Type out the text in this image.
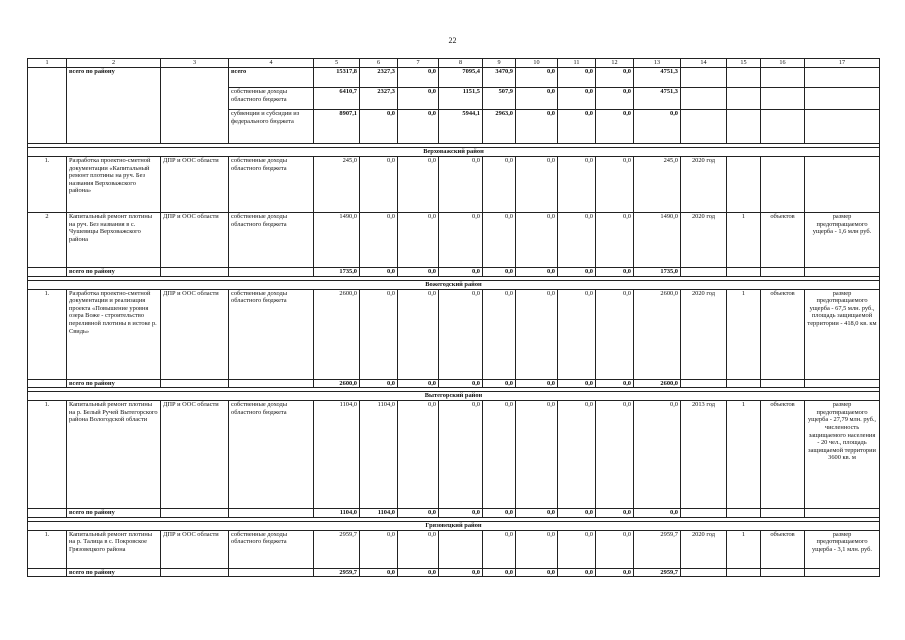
22
1	2	3	4	5	6	7	8	9	10	11	12	13	14	15	16	17
	всего по району		всего	15317,8	2327,3	0,0	7095,4	3470,9	0,0	0,0	0,0	4751,3				
			собственные доходы областного бюджета	6410,7	2327,3	0,0	1151,5	507,9	0,0	0,0	0,0	4751,3				
			субвенции и субсидии из федерального бюджета	8907,1	0,0	0,0	5944,1	2963,0	0,0	0,0	0,0	0,0				

Верховажский район																
1.	Разработка проектно-сметной документации «Капитальный ремонт плотины на руч. Без названия Верховажского района»	ДПР и ООС области	собственные доходы областного бюджета	245,0	0,0	0,0	0,0	0,0	0,0	0,0	0,0	245,0	2020 год			
2	Капитальный ремонт плотины на руч. Без названия в с. Чушевицы Верховажского района	ДПР и ООС области	собственные доходы областного бюджета	1490,0	0,0	0,0	0,0	0,0	0,0	0,0	0,0	1490,0	2020 год	1	объектов	размер предотвращаемого ущерба - 1,6 млн руб.
	всего по району			1735,0	0,0	0,0	0,0	0,0	0,0	0,0	0,0	1735,0				

Вожегодский район																
1.	Разработка проектно-сметной документации и реализация проекта «Повышение уровня озера Воже - строительство переливной плотины в истоке р. Свидь»	ДПР и ООС области	собственные доходы областного бюджета	2600,0	0,0	0,0	0,0	0,0	0,0	0,0	0,0	2600,0	2020 год	1	объектов	размер предотвращаемого ущерба - 67,5 млн. руб., площадь защищаемой территории - 418,0 кв. км
	всего по району			2600,0	0,0	0,0	0,0	0,0	0,0	0,0	0,0	2600,0				

Вытегорский район																
1.	Капитальный ремонт плотины на р. Белый Ручей Вытегорского района Вологодской области	ДПР и ООС области	собственные доходы областного бюджета	1104,0	1104,0	0,0	0,0	0,0	0,0	0,0	0,0	0,0	2013 год	1	объектов	размер предотвращаемого ущерба - 27,79 млн. руб., численность защищаемого населения - 20 чел., площадь защищаемой территории 3600 кв. м
	всего по району			1104,0	1104,0	0,0	0,0	0,0	0,0	0,0	0,0	0,0				

Грязовецкий район																
1.	Капитальный ремонт плотины на р. Талица в с. Покровское Грязовецкого района	ДПР и ООС области	собственные доходы областного бюджета	2959,7	0,0	0,0		0,0	0,0	0,0	0,0	2959,7	2020 год	1	объектов	размер предотвращаемого ущерба - 3,1 млн. руб.
	всего по району			2959,7	0,0	0,0	0,0	0,0	0,0	0,0	0,0	2959,7				
